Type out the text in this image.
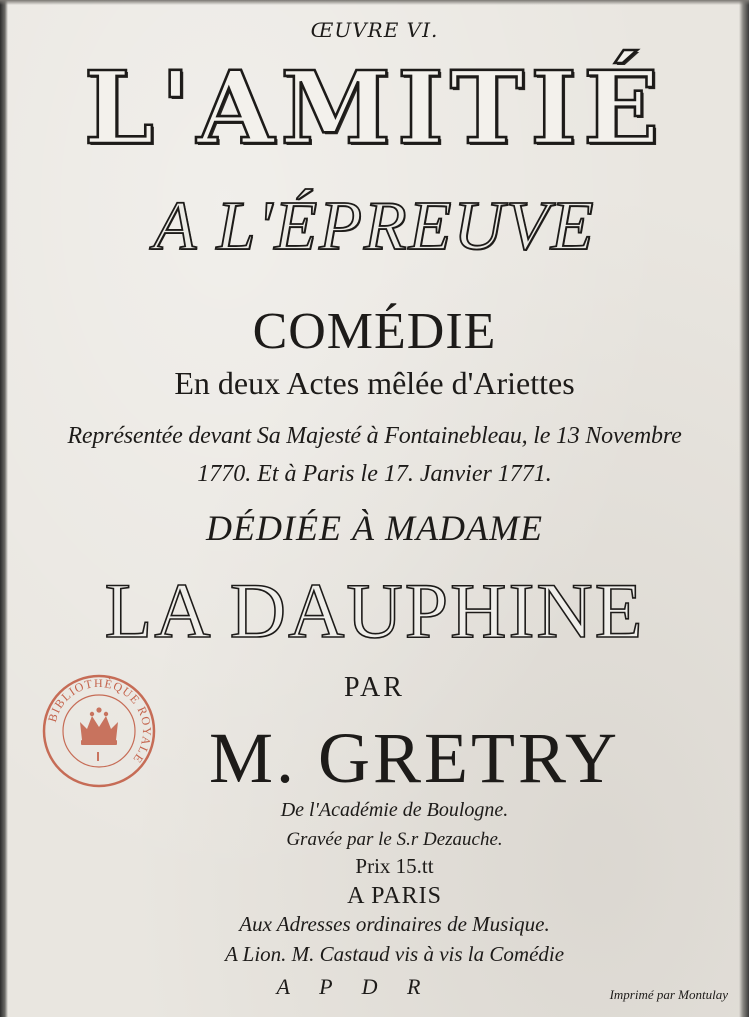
ŒUVRE VI.
L'AMITIÉ
A L'ÉPREUVE
COMÉDIE
En deux Actes mêlée d'Ariettes
Représentée devant Sa Majesté à Fontainebleau, le 13 Novembre
1770. Et à Paris le 17. Janvier 1771.
DÉDIÉE À MADAME
LA DAUPHINE
PAR
BIBLIOTHÈQUE ROYALE M. GRETRY
De l'Académie de Boulogne.
Gravée par le S.r Dezauche.
Prix 15.tt
A PARIS
Aux Adresses ordinaires de Musique.
A Lion. M. Castaud vis à vis la Comédie
A P D R	Imprimé par Montulay
